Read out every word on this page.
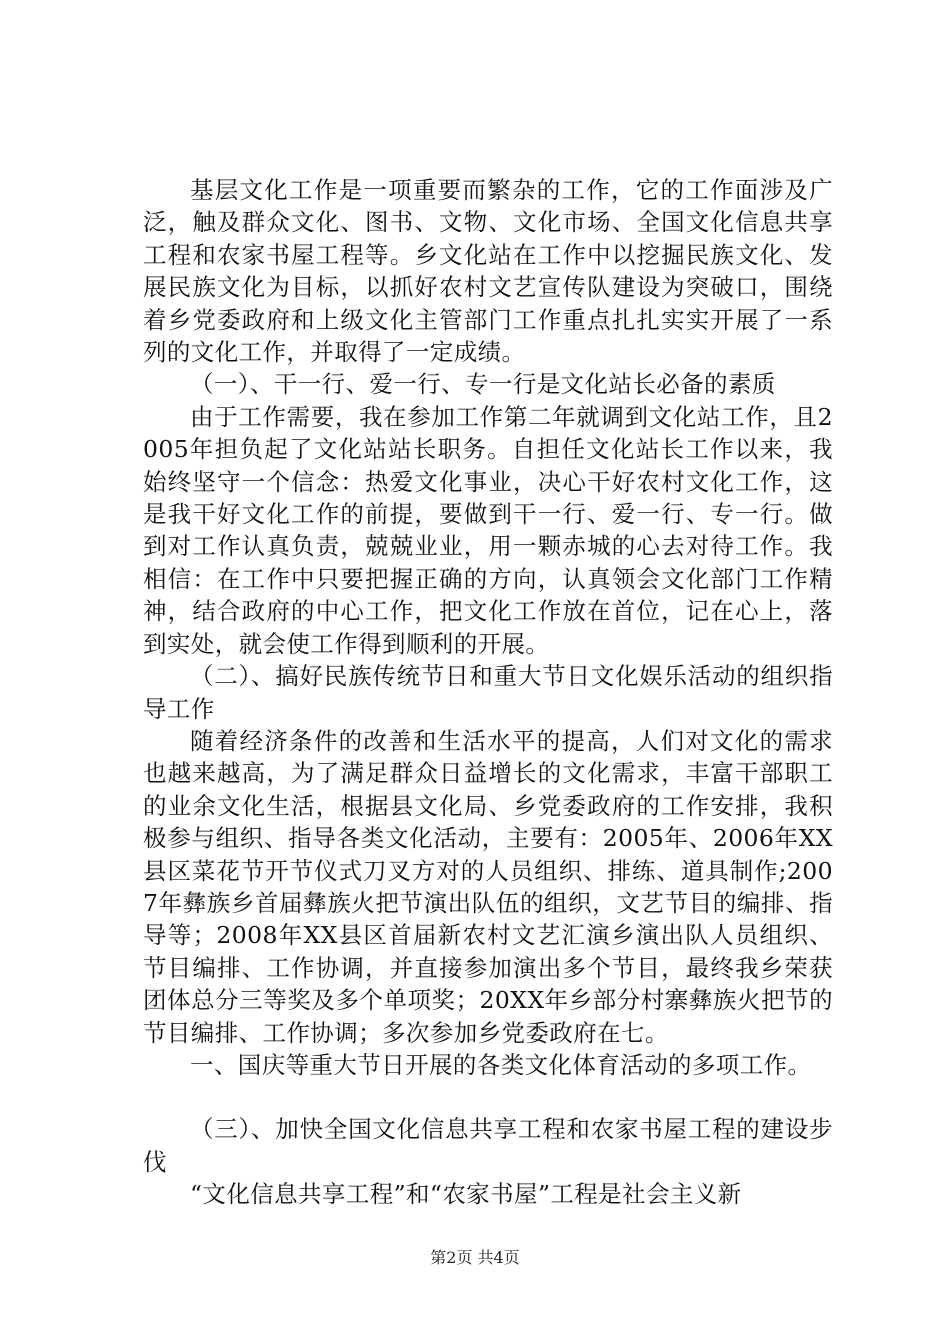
基层文化工作是一项重要而繁杂的工作，它的工作面涉及广泛，触及群众文化、图书、文物、文化市场、全国文化信息共享工程和农家书屋工程等。乡文化站在工作中以挖掘民族文化、发展民族文化为目标，以抓好农村文艺宣传队建设为突破口，围绕着乡党委政府和上级文化主管部门工作重点扎扎实实开展了一系列的文化工作，并取得了一定成绩。

（一）、干一行、爱一行、专一行是文化站长必备的素质

由于工作需要，我在参加工作第二年就调到文化站工作，且2005年担负起了文化站站长职务。自担任文化站长工作以来，我始终坚守一个信念：热爱文化事业，决心干好农村文化工作，这是我干好文化工作的前提，要做到干一行、爱一行、专一行。做到对工作认真负责，兢兢业业，用一颗赤城的心去对待工作。我相信：在工作中只要把握正确的方向，认真领会文化部门工作精神，结合政府的中心工作，把文化工作放在首位，记在心上，落到实处，就会使工作得到顺利的开展。

（二）、搞好民族传统节日和重大节日文化娱乐活动的组织指导工作

随着经济条件的改善和生活水平的提高，人们对文化的需求也越来越高，为了满足群众日益增长的文化需求，丰富干部职工的业余文化生活，根据县文化局、乡党委政府的工作安排，我积极参与组织、指导各类文化活动，主要有：2005年、2006年XX县区菜花节开节仪式刀叉方对的人员组织、排练、道具制作;2007年彝族乡首届彝族火把节演出队伍的组织，文艺节目的编排、指导等；2008年XX县区首届新农村文艺汇演乡演出队人员组织、节目编排、工作协调，并直接参加演出多个节目，最终我乡荣获团体总分三等奖及多个单项奖；20XX年乡部分村寨彝族火把节的节目编排、工作协调；多次参加乡党委政府在七。

一、国庆等重大节日开展的各类文化体育活动的多项工作。

（三）、加快全国文化信息共享工程和农家书屋工程的建设步伐

“文化信息共享工程”和“农家书屋”工程是社会主义新

第2页 共4页
